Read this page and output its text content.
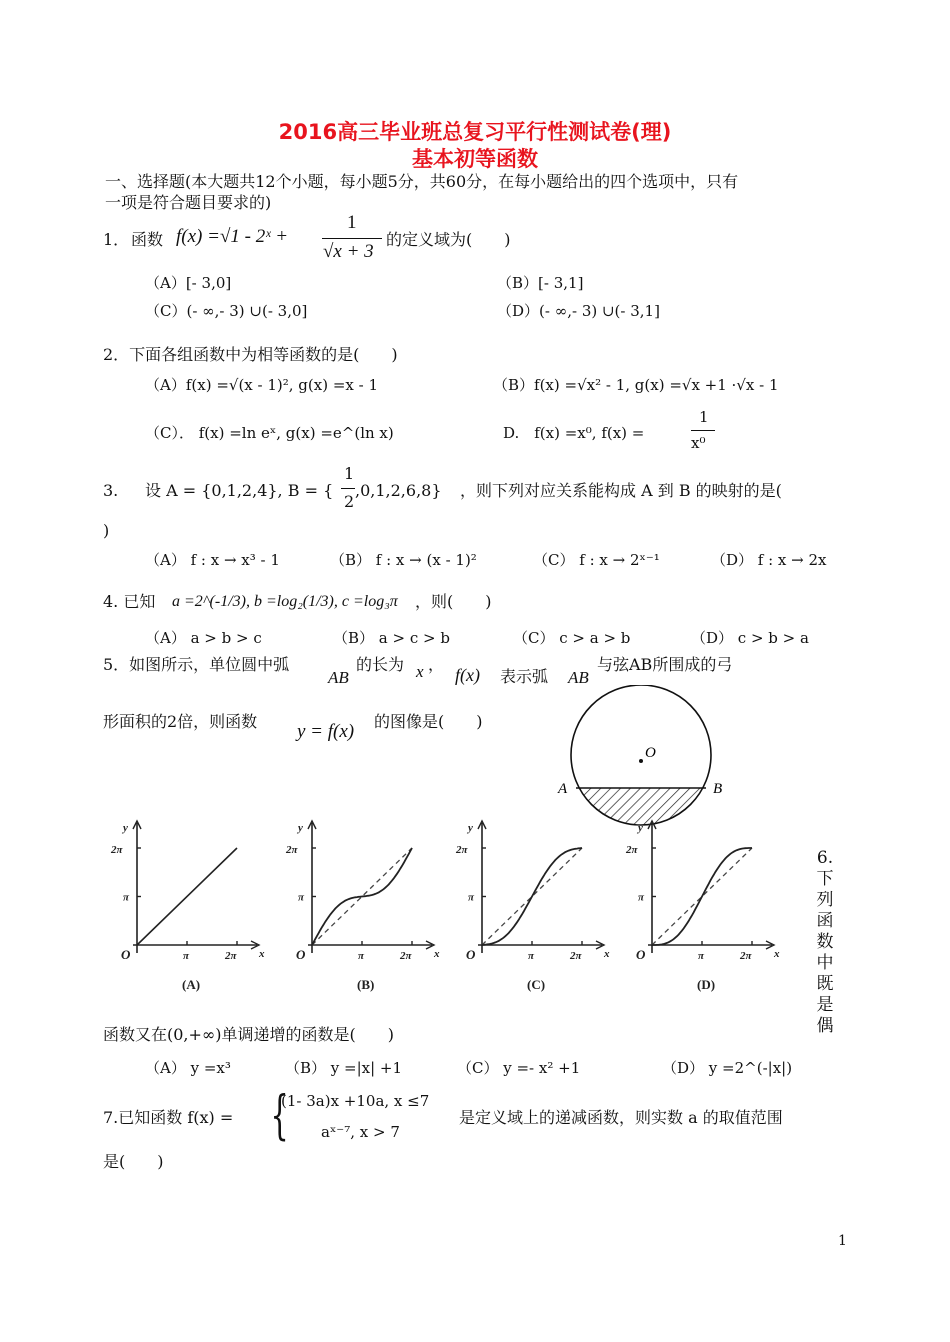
2016高三毕业班总复习平行性测试卷(理)
基本初等函数
一、选择题(本大题共12个小题，每小题5分，共60分，在每小题给出的四个选项中，只有
一项是符合题目要求的)
1． 函数 f(x) =√1 - 2ˣ +
1
√x + 3
的定义域为(　　)
（A）[- 3,0]	（B）[- 3,1]
（C）(- ∞,- 3) ∪(- 3,0]	（D）(- ∞,- 3) ∪(- 3,1]
2．下面各组函数中为相等函数的是(　　)
（A）f(x) =√(x - 1)², g(x) =x - 1	（B）f(x) =√x² - 1, g(x) =√x +1 ·√x - 1
（C）． f(x) =ln eˣ, g(x) =e^(ln x)	D.　f(x) =x⁰, f(x) =
1
x⁰
3. 设 A = {0,1,2,4}, B = {
1
2
,0,1,2,6,8} ，则下列对应关系能构成 A 到 B 的映射的是(
)
（A） f : x → x³ - 1	（B） f : x → (x - 1)²	（C） f : x → 2ˣ⁻¹	（D） f : x → 2x
4. 已知 a =2^(-1/3), b =log₂(1/3), c =log₃π ，则(　　)
（A） a > b > c	（B） a > c > b	（C） c > a > b	（D） c > b > a
5．如图所示，单位圆中弧
AB
的长为 x ，
f(x) 表示弧 AB
与弦AB所围成的弓
形面积的2倍，则函数 y = f(x) 的图像是(　　)
O
A	B
y
x
O
2π
π
π	2π
(A)
y
x
O
2π
π
π	2π
(B)
y
x
O
2π
π
π	2π
(C)
y
x
O
2π
π
π	2π
(D)
6.
下
列
函
数
中
既
是
偶
函数又在(0,+∞)单调递增的函数是(　　)
（A） y =x³	（B） y =|x| +1	（C） y =- x² +1	（D） y =2^(-|x|)
7.已知函数 f(x) = {
(1- 3a)x +10a, x ≤7
aˣ⁻⁷, x > 7
是定义域上的递减函数，则实数 a 的取值范围
是(　　)
1
